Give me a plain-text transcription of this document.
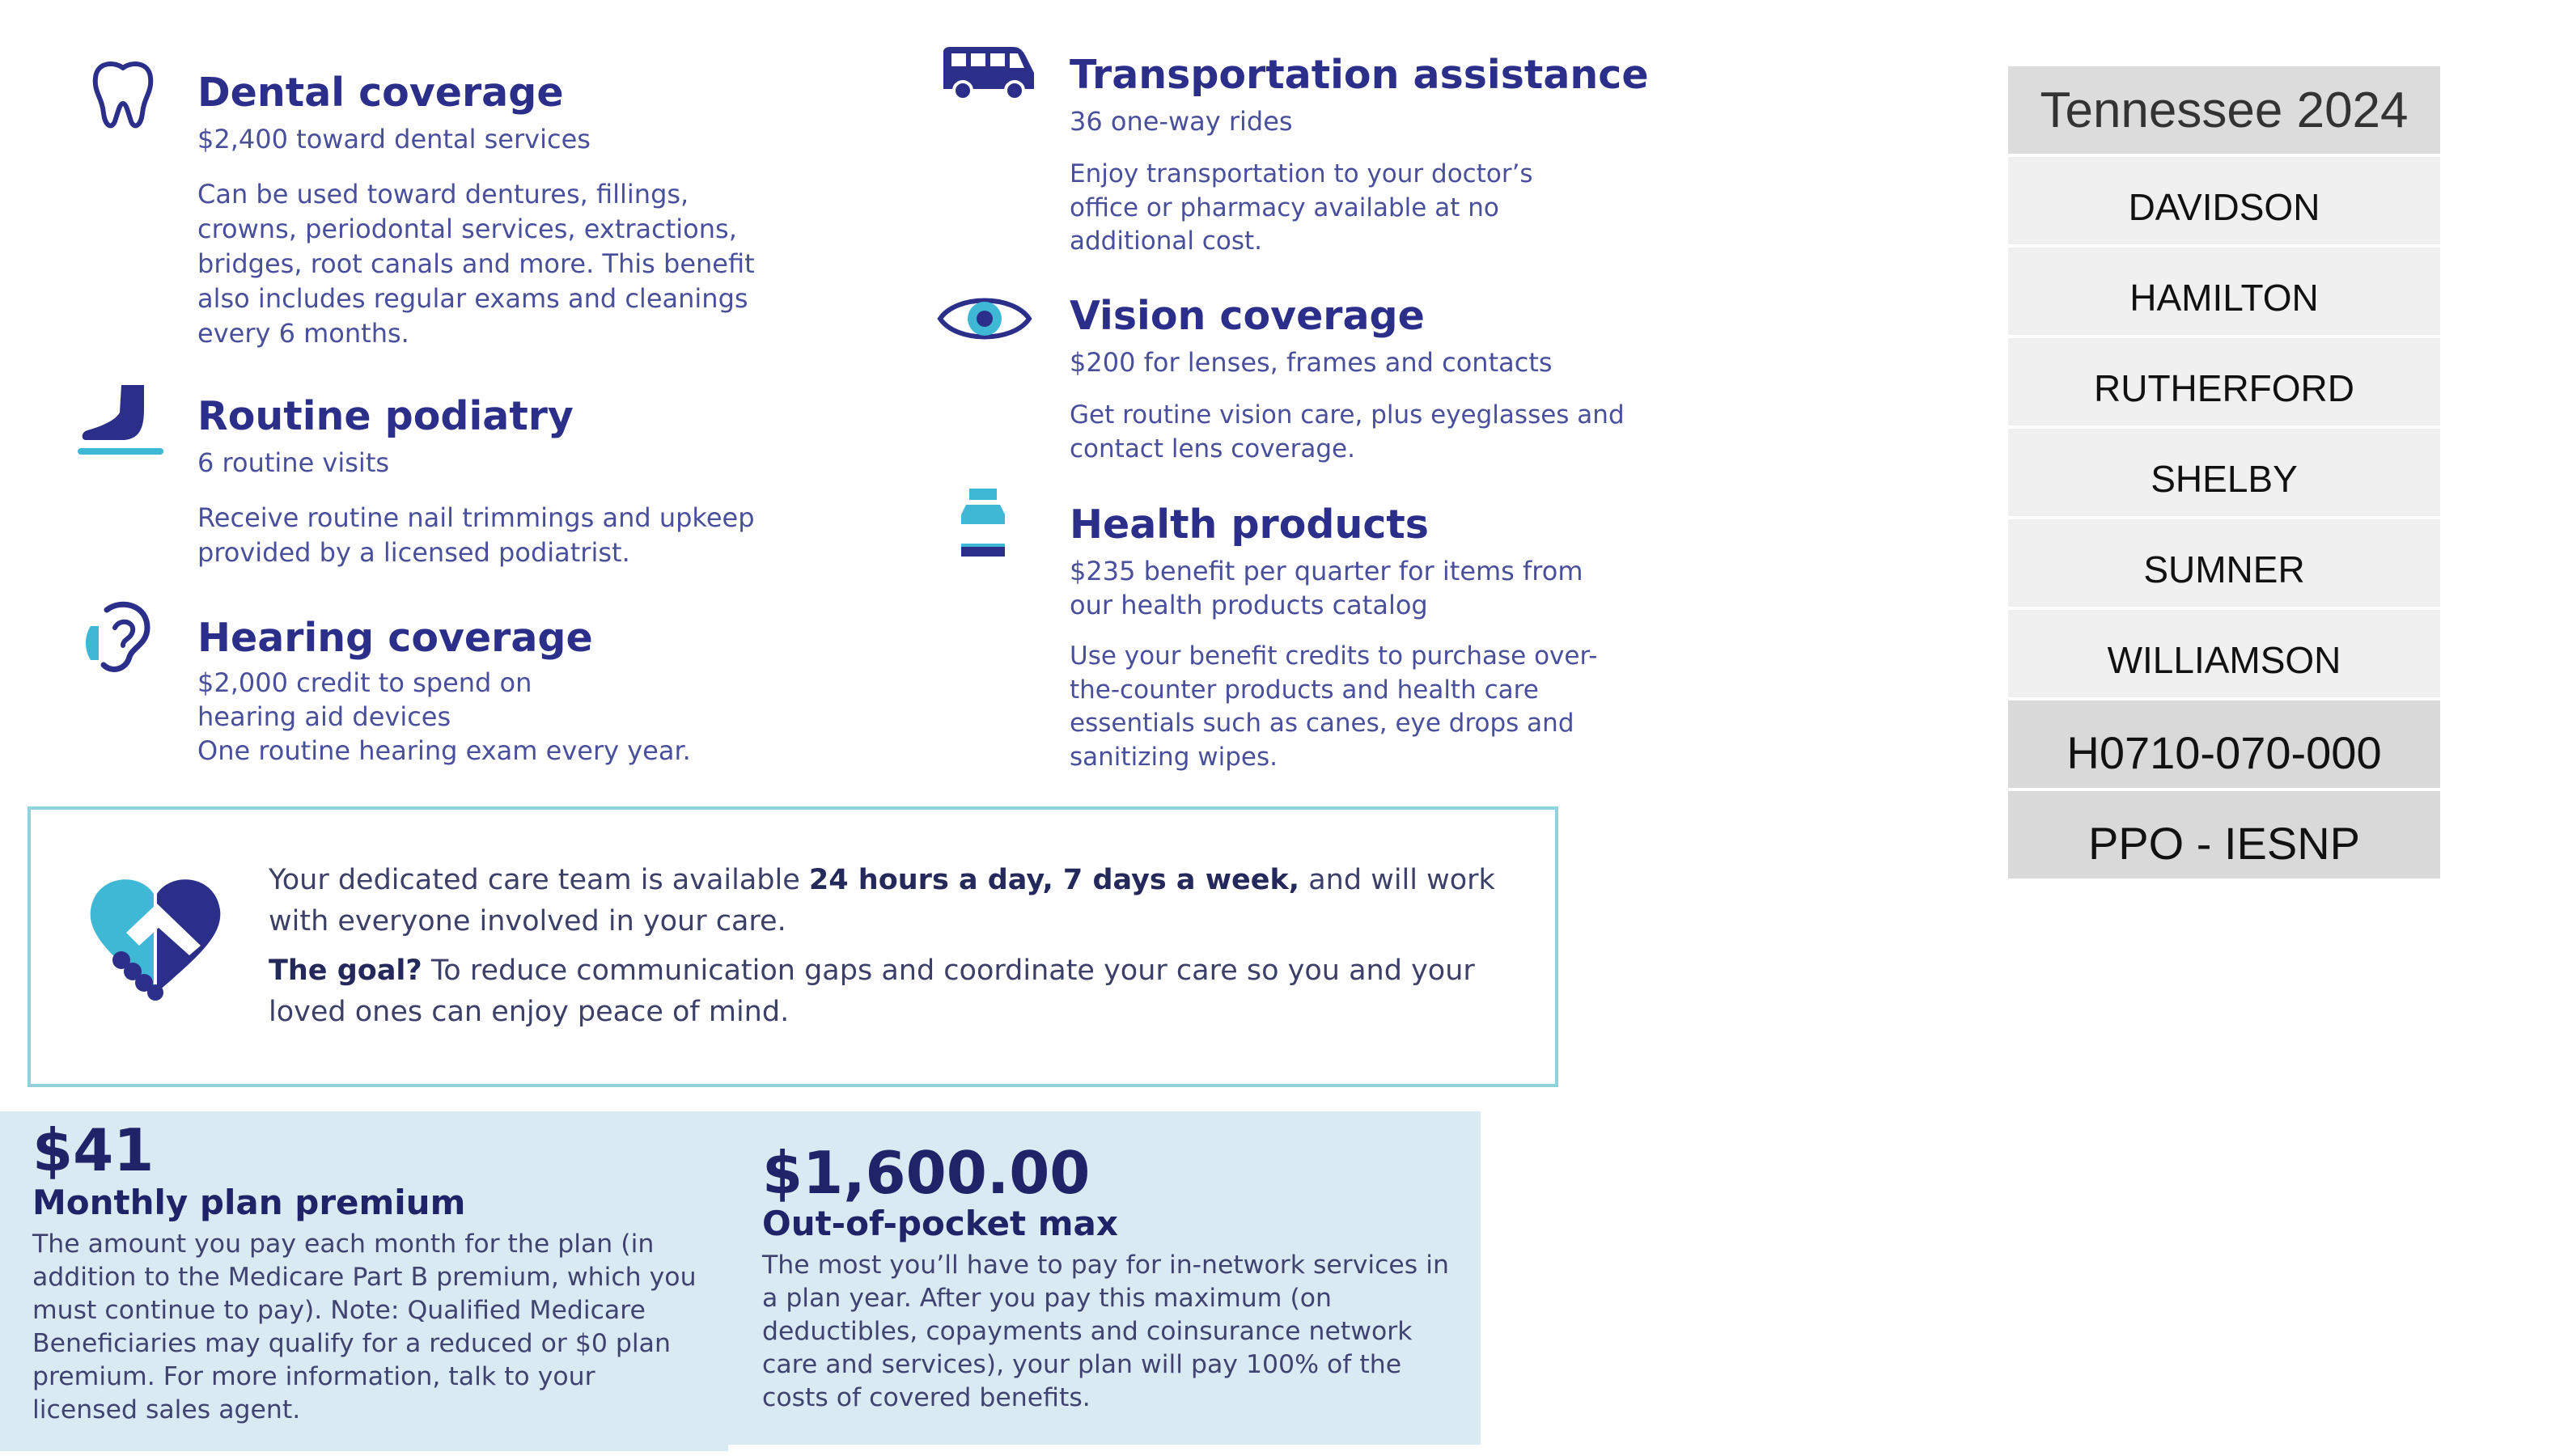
Dental coverage

$2,400 toward dental services

Can be used toward dentures, fillings, crowns, periodontal services, extractions, bridges, root canals and more. This benefit also includes regular exams and cleanings every 6 months.

Routine podiatry

6 routine visits

Receive routine nail trimmings and upkeep provided by a licensed podiatrist.

Hearing coverage

$2,000 credit to spend on

hearing aid devices

One routine hearing exam every year.

Transportation assistance

36 one-way rides

Enjoy transportation to your doctor’s office or pharmacy available at no additional cost.

Vision coverage

$200 for lenses, frames and contacts

Get routine vision care, plus eyeglasses and contact lens coverage.

Health products

$235 benefit per quarter for items from our health products catalog

Use your benefit credits to purchase over-the-counter products and health care essentials such as canes, eye drops and sanitizing wipes.

Your dedicated care team is available 24 hours a day, 7 days a week, and will work with everyone involved in your care.

The goal? To reduce communication gaps and coordinate your care so you and your loved ones can enjoy peace of mind.

$41

Monthly plan premium

The amount you pay each month for the plan (in addition to the Medicare Part B premium, which you must continue to pay). Note: Qualified Medicare Beneficiaries may qualify for a reduced or $0 plan premium. For more information, talk to your licensed sales agent.

$1,600.00

Out-of-pocket max

The most you’ll have to pay for in-network services in a plan year. After you pay this maximum (on deductibles, copayments and coinsurance network care and services), your plan will pay 100% of the costs of covered benefits.

Tennessee 2024
DAVIDSON
HAMILTON
RUTHERFORD
SHELBY
SUMNER
WILLIAMSON
H0710-070-000
PPO - IESNP
